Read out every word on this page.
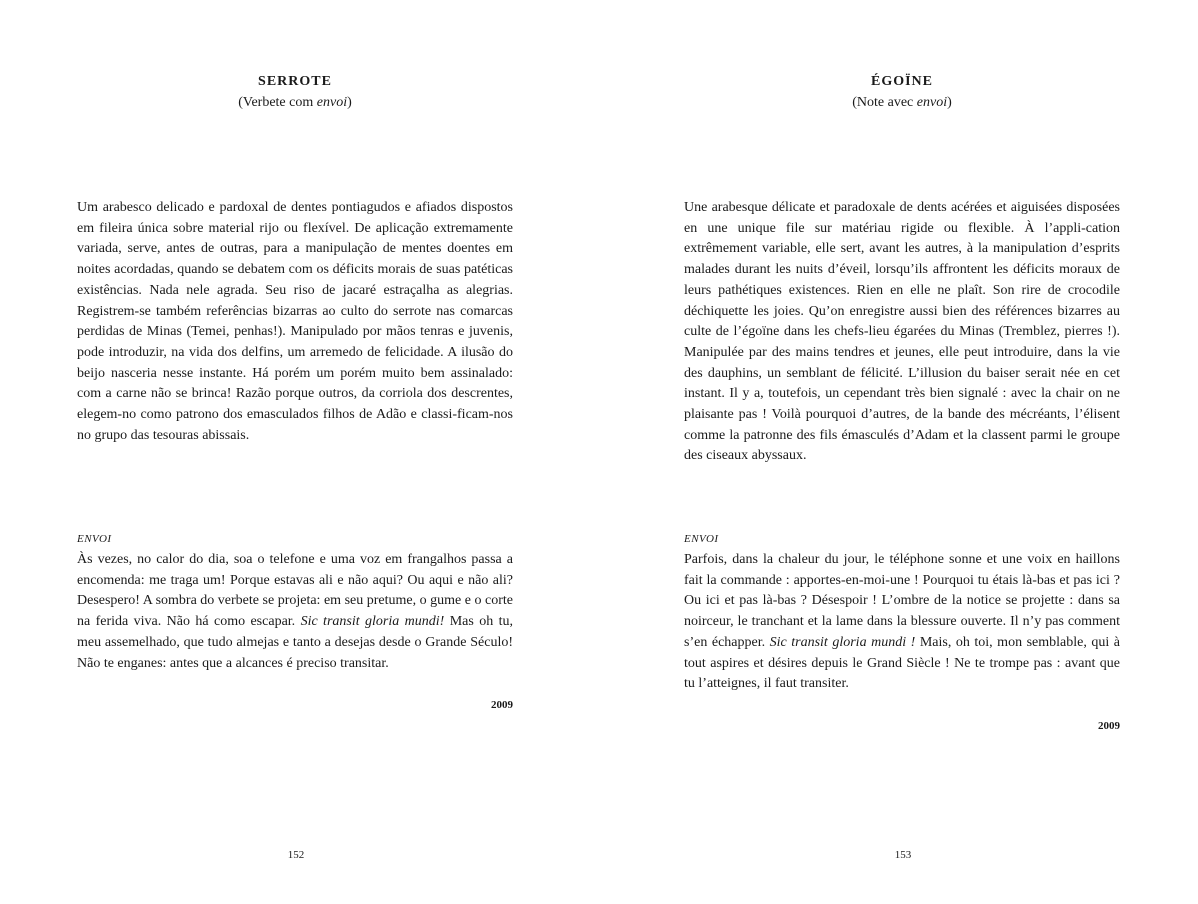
SERROTE
(Verbete com envoi)

Um arabesco delicado e pardoxal de dentes pontiagudos e afiados dispostos em fileira única sobre material rijo ou flexível. De aplicação extremamente variada, serve, antes de outras, para a manipulação de mentes doentes em noites acordadas, quando se debatem com os déficits morais de suas patéticas existências. Nada nele agrada. Seu riso de jacaré estraçalha as alegrias. Registrem-se também referências bizarras ao culto do serrote nas comarcas perdidas de Minas (Temei, penhas!). Manipulado por mãos tenras e juvenis, pode introduzir, na vida dos delfins, um arremedo de felicidade. A ilusão do beijo nasceria nesse instante. Há porém um porém muito bem assinalado: com a carne não se brinca! Razão porque outros, da corriola dos descrentes, elegem-no como patrono dos emasculados filhos de Adão e classi-ficam-nos no grupo das tesouras abissais.

ENVOI

Às vezes, no calor do dia, soa o telefone e uma voz em frangalhos passa a encomenda: me traga um! Porque estavas ali e não aqui? Ou aqui e não ali? Desespero! A sombra do verbete se projeta: em seu pretume, o gume e o corte na ferida viva. Não há como escapar. Sic transit gloria mundi! Mas oh tu, meu assemelhado, que tudo almejas e tanto a desejas desde o Grande Século! Não te enganes: antes que a alcances é preciso transitar.

2009
152
ÉGOÏNE
(Note avec envoi)

Une arabesque délicate et paradoxale de dents acérées et aiguisées disposées en une unique file sur matériau rigide ou flexible. À l’appli-cation extrêmement variable, elle sert, avant les autres, à la manipulation d’esprits malades durant les nuits d’éveil, lorsqu’ils affrontent les déficits moraux de leurs pathétiques existences. Rien en elle ne plaît. Son rire de crocodile déchiquette les joies. Qu’on enregistre aussi bien des références bizarres au culte de l’égoïne dans les chefs-lieu égarées du Minas (Tremblez, pierres !). Manipulée par des mains tendres et jeunes, elle peut introduire, dans la vie des dauphins, un semblant de félicité. L’illusion du baiser serait née en cet instant. Il y a, toutefois, un cependant très bien signalé : avec la chair on ne plaisante pas ! Voilà pourquoi d’autres, de la bande des mécréants, l’élisent comme la patronne des fils émasculés d’Adam et la classent parmi le groupe des ciseaux abyssaux.

ENVOI

Parfois, dans la chaleur du jour, le téléphone sonne et une voix en haillons fait la commande : apportes-en-moi-une ! Pourquoi tu étais là-bas et pas ici ? Ou ici et pas là-bas ? Désespoir ! L’ombre de la notice se projette : dans sa noirceur, le tranchant et la lame dans la blessure ouverte. Il n’y pas comment s’en échapper. Sic transit gloria mundi ! Mais, oh toi, mon semblable, qui à tout aspires et désires depuis le Grand Siècle ! Ne te trompe pas : avant que tu l’atteignes, il faut transiter.

2009
153
